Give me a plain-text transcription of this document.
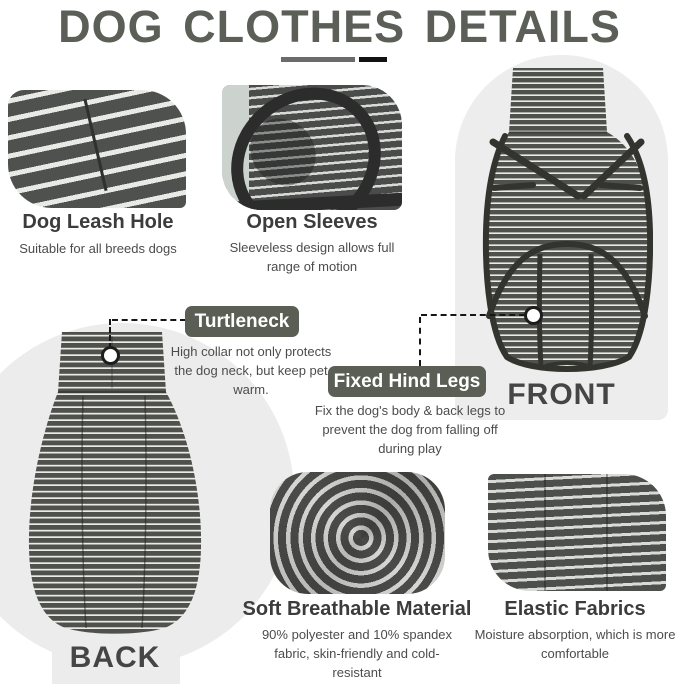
DOG CLOTHES DETAILS
Dog Leash Hole
Suitable for all breeds dogs
Open Sleeves
Sleeveless design allows full range of motion
FRONT
BACK
Turtleneck
High collar not only protects the dog neck, but keep pet warm.	Fixed Hind Legs
Fix the dog's body & back legs to prevent the dog from falling off during play
Soft Breathable Material
90% polyester and 10% spandex fabric, skin-friendly and cold-resistant
Elastic Fabrics
Moisture absorption, which is more comfortable
